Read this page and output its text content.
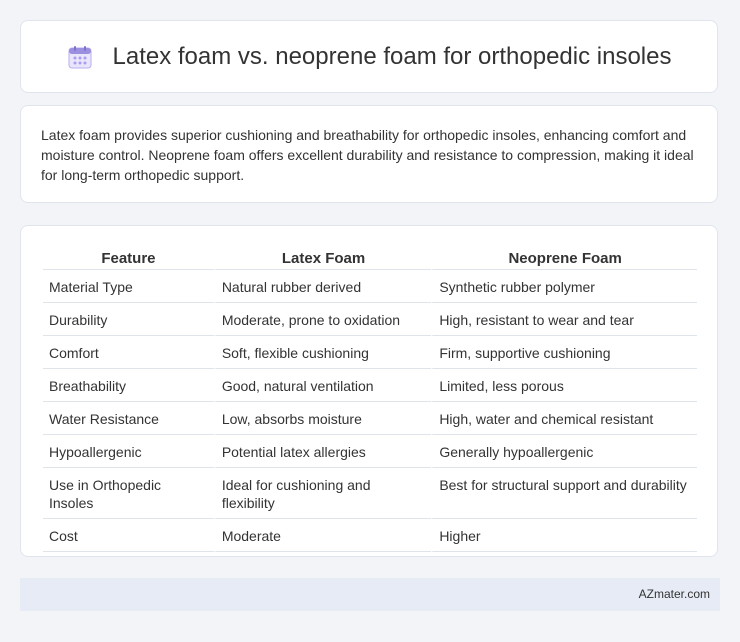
Latex foam vs. neoprene foam for orthopedic insoles

Latex foam provides superior cushioning and breathability for orthopedic insoles, enhancing comfort and moisture control. Neoprene foam offers excellent durability and resistance to compression, making it ideal for long-term orthopedic support.

Feature	Latex Foam	Neoprene Foam
Material Type	Natural rubber derived	Synthetic rubber polymer
Durability	Moderate, prone to oxidation	High, resistant to wear and tear
Comfort	Soft, flexible cushioning	Firm, supportive cushioning
Breathability	Good, natural ventilation	Limited, less porous
Water Resistance	Low, absorbs moisture	High, water and chemical resistant
Hypoallergenic	Potential latex allergies	Generally hypoallergenic
Use in Orthopedic Insoles	Ideal for cushioning and flexibility	Best for structural support and durability
Cost	Moderate	Higher
AZmater.com
